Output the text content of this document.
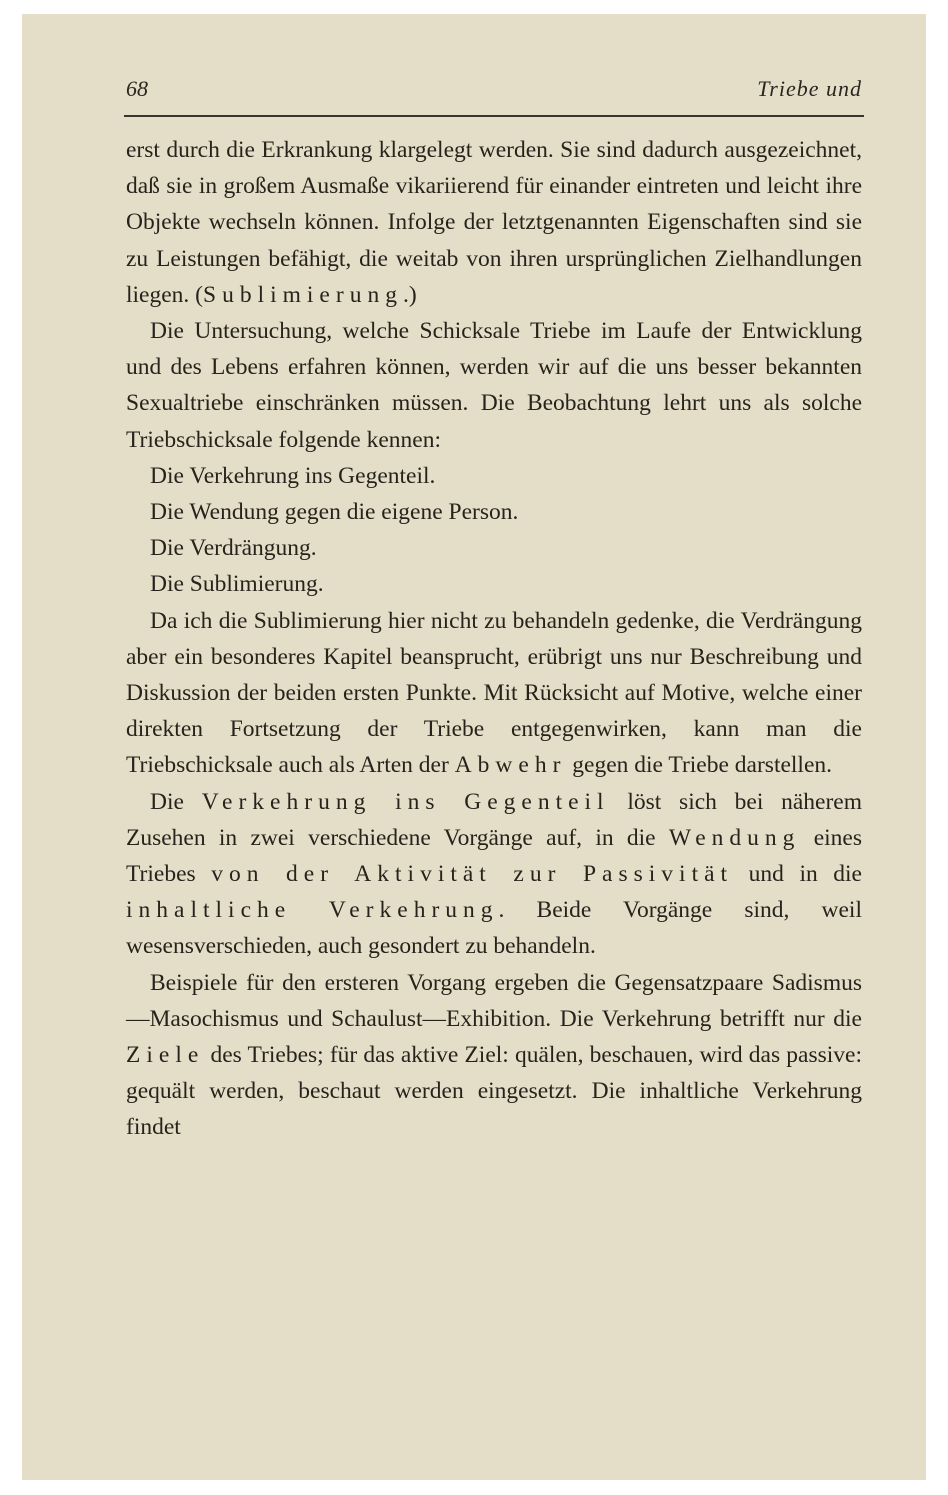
68	Triebe und

erst durch die Erkrankung klargelegt werden. Sie sind dadurch ausgezeichnet, daß sie in großem Ausmaße vikariierend für einander eintreten und leicht ihre Objekte wechseln können. Infolge der letztgenannten Eigenschaften sind sie zu Leistungen befähigt, die weitab von ihren ursprünglichen Zielhandlungen liegen. (Sublimierung.)

Die Untersuchung, welche Schicksale Triebe im Laufe der Entwicklung und des Lebens erfahren können, werden wir auf die uns besser bekannten Sexualtriebe einschränken müssen. Die Beobachtung lehrt uns als solche Triebschicksale folgende kennen:

Die Verkehrung ins Gegenteil.

Die Wendung gegen die eigene Person.

Die Verdrängung.

Die Sublimierung.

Da ich die Sublimierung hier nicht zu behandeln gedenke, die Verdrängung aber ein besonderes Kapitel beansprucht, erübrigt uns nur Beschreibung und Diskussion der beiden ersten Punkte. Mit Rücksicht auf Motive, welche einer direkten Fortsetzung der Triebe entgegenwirken, kann man die Triebschicksale auch als Arten der Abwehr gegen die Triebe darstellen.

Die Verkehrung ins Gegenteil löst sich bei näherem Zusehen in zwei verschiedene Vorgänge auf, in die Wendung eines Triebes von der Aktivität zur Passivität und in die inhaltliche Verkehrung. Beide Vorgänge sind, weil wesensverschieden, auch gesondert zu behandeln.

Beispiele für den ersteren Vorgang ergeben die Gegensatzpaare Sadismus—Masochismus und Schaulust—Exhibition. Die Verkehrung betrifft nur die Ziele des Triebes; für das aktive Ziel: quälen, beschauen, wird das passive: gequält werden, beschaut werden eingesetzt. Die inhaltliche Verkehrung findet
